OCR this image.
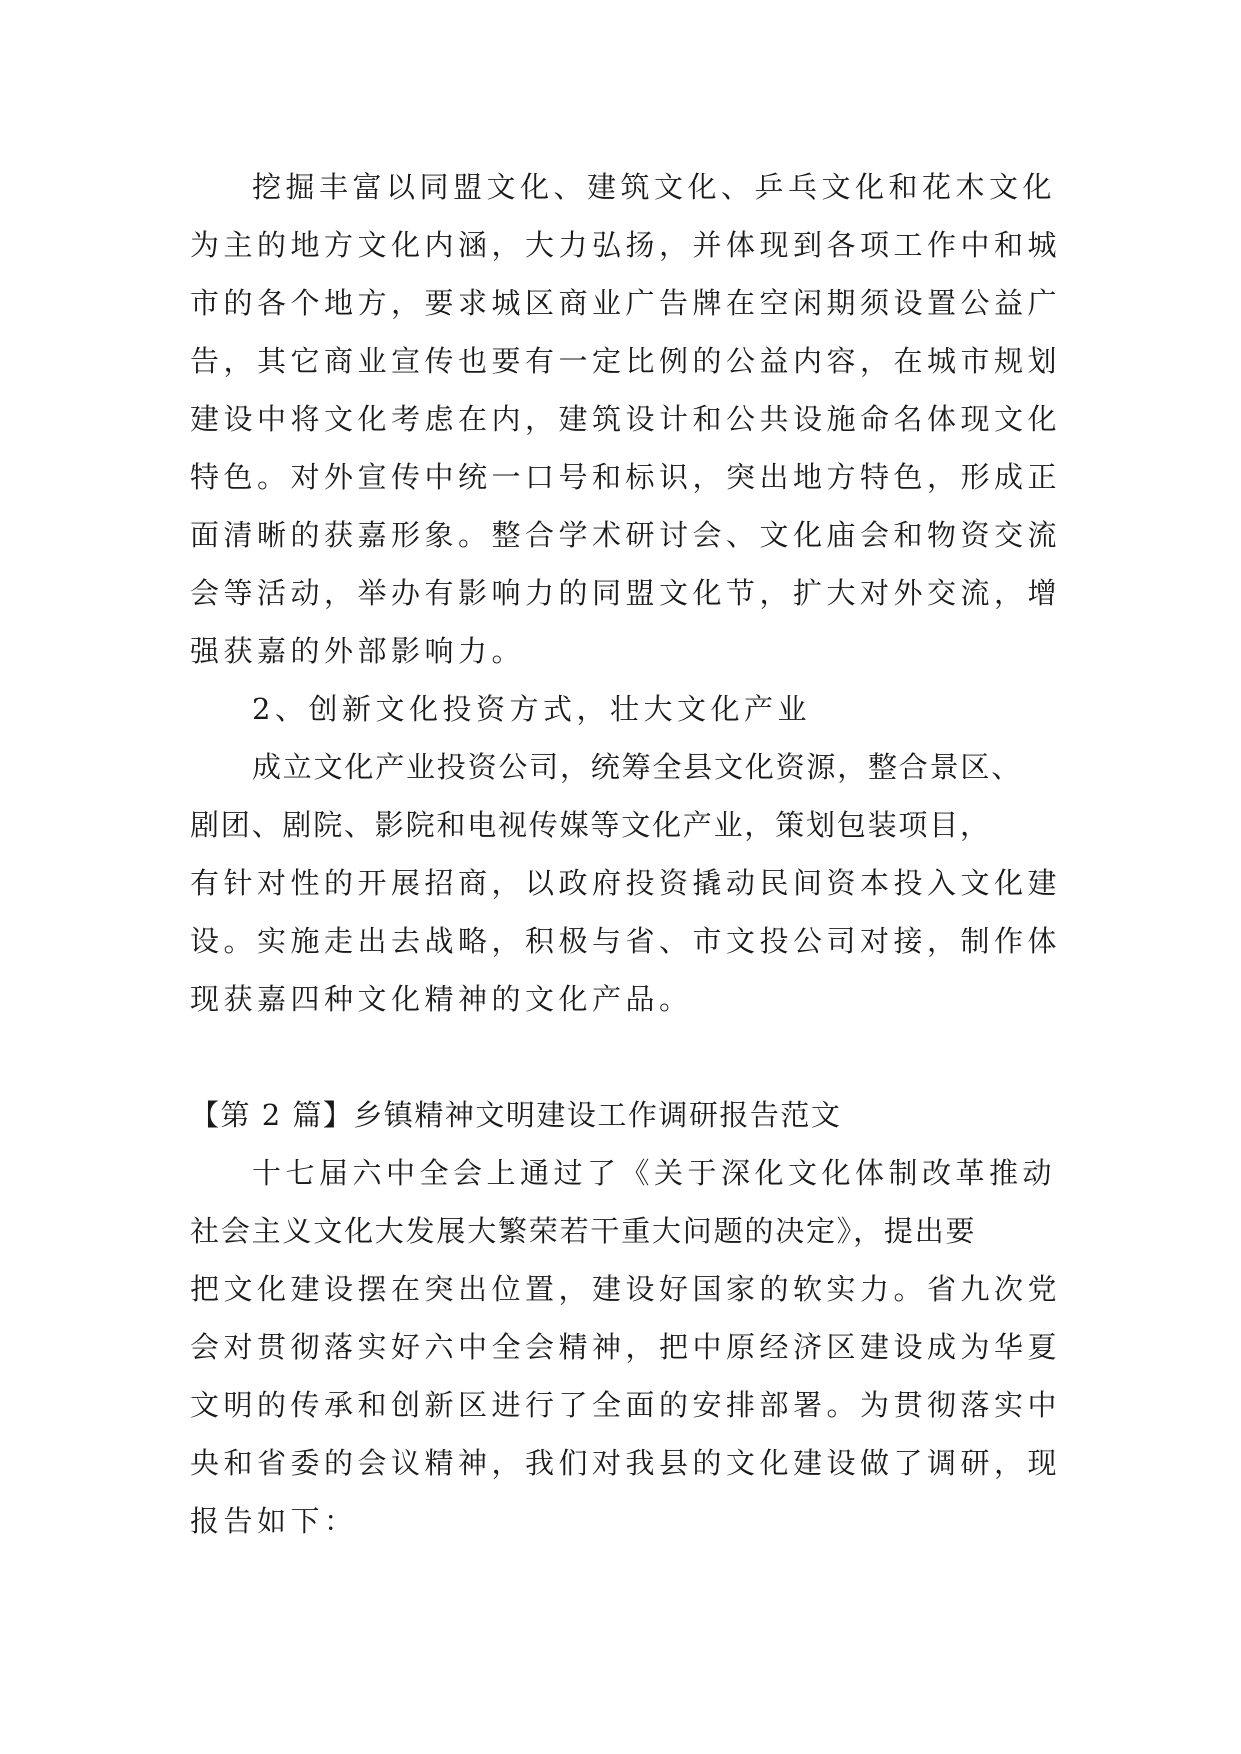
挖掘丰富以同盟文化、建筑文化、乒乓文化和花木文化
为主的地方文化内涵，大力弘扬，并体现到各项工作中和城
市的各个地方，要求城区商业广告牌在空闲期须设置公益广
告，其它商业宣传也要有一定比例的公益内容，在城市规划
建设中将文化考虑在内，建筑设计和公共设施命名体现文化
特色。对外宣传中统一口号和标识，突出地方特色，形成正
面清晰的获嘉形象。整合学术研讨会、文化庙会和物资交流
会等活动，举办有影响力的同盟文化节，扩大对外交流，增
强获嘉的外部影响力。
2、创新文化投资方式，壮大文化产业
成立文化产业投资公司，统筹全县文化资源，整合景区、
剧团、剧院、影院和电视传媒等文化产业，策划包装项目，
有针对性的开展招商，以政府投资撬动民间资本投入文化建
设。实施走出去战略，积极与省、市文投公司对接，制作体
现获嘉四种文化精神的文化产品。
【第 2 篇】乡镇精神文明建设工作调研报告范文
十七届六中全会上通过了《关于深化文化体制改革推动
社会主义文化大发展大繁荣若干重大问题的决定》，提出要
把文化建设摆在突出位置，建设好国家的软实力。省九次党
会对贯彻落实好六中全会精神，把中原经济区建设成为华夏
文明的传承和创新区进行了全面的安排部署。为贯彻落实中
央和省委的会议精神，我们对我县的文化建设做了调研，现
报告如下：
